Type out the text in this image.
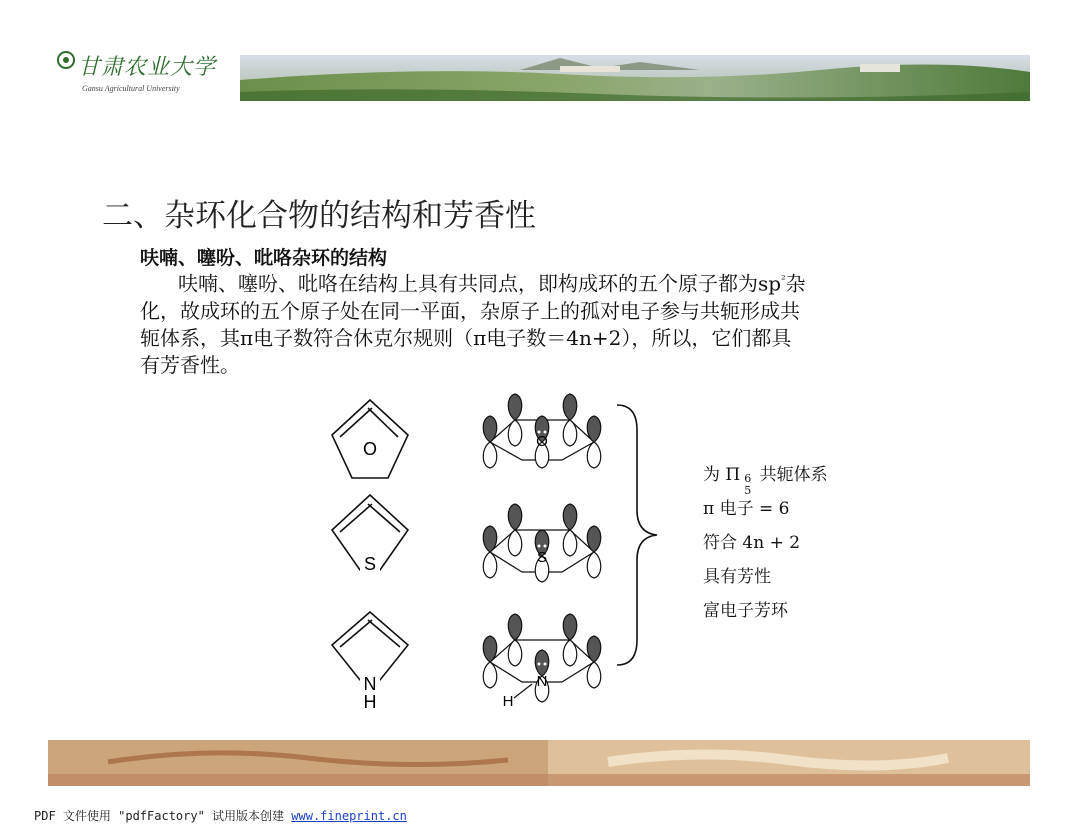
甘肃农业大学
Gansu Agricultural University
二、杂环化合物的结构和芳香性
呋喃、噻吩、吡咯杂环的结构
呋喃、噻吩、吡咯在结构上具有共同点，即构成环的五个原子都为$sp^{^2}$杂
化，故成环的五个原子处在同一平面，杂原子上的孤对电子参与共轭形成共
轭体系，其π电子数符合休克尔规则（π电子数＝4n+2），所以，它们都具
有芳香性。
O
S
N
H
O
S
N
H
为 Π 6
5
共轭体系
π 电子 = 6
符合 4n + 2
具有芳性
富电子芳环
PDF 文件使用 "pdfFactory" 试用版本创建 www.fineprint.cn
